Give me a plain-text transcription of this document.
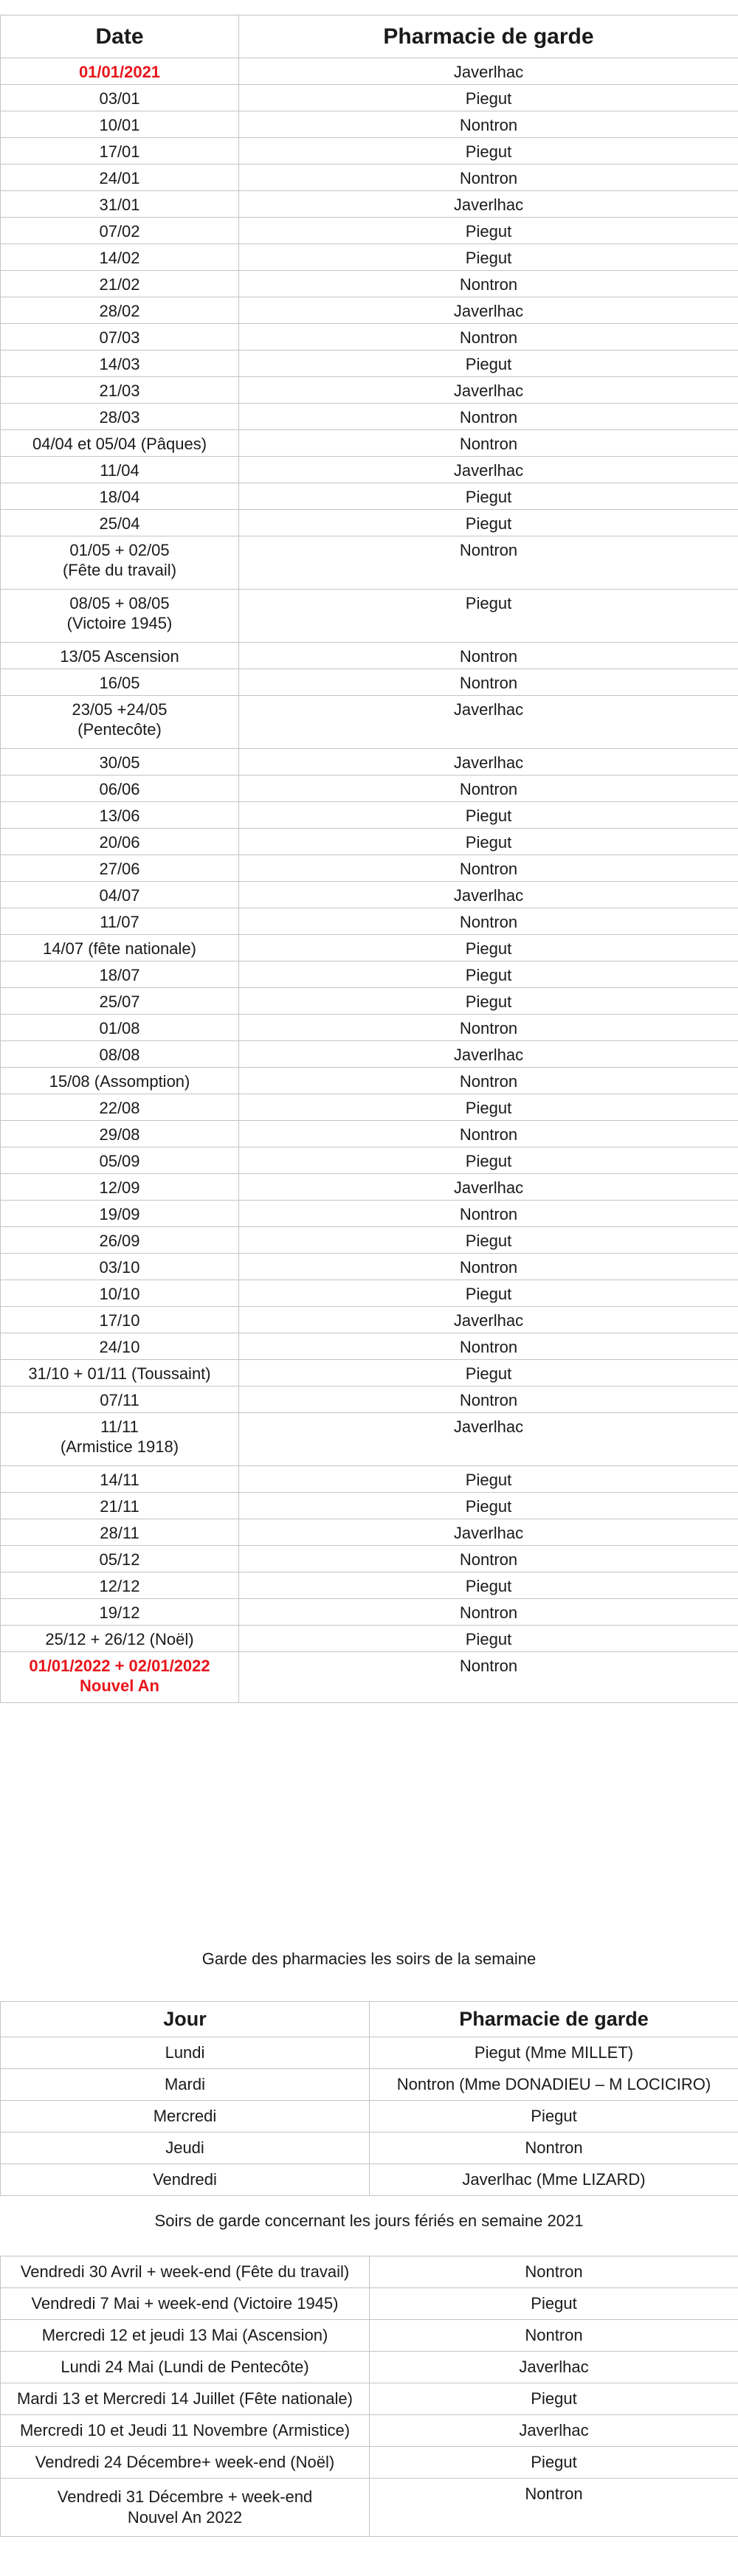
Date	Pharmacie de garde

01/01/2021	Javerlhac

03/01	Piegut

10/01	Nontron

17/01	Piegut

24/01	Nontron

31/01	Javerlhac

07/02	Piegut

14/02	Piegut

21/02	Nontron

28/02	Javerlhac

07/03	Nontron

14/03	Piegut

21/03	Javerlhac

28/03	Nontron

04/04 et 05/04 (Pâques)	Nontron

11/04	Javerlhac

18/04	Piegut

25/04	Piegut

01/05 + 02/05
(Fête du travail)	Nontron

08/05 + 08/05
(Victoire 1945)	Piegut

13/05 Ascension	Nontron

16/05	Nontron

23/05 +24/05
(Pentecôte)	Javerlhac

30/05	Javerlhac

06/06	Nontron

13/06	Piegut

20/06	Piegut

27/06	Nontron

04/07	Javerlhac

11/07	Nontron

14/07 (fête nationale)	Piegut

18/07	Piegut

25/07	Piegut

01/08	Nontron

08/08	Javerlhac

15/08 (Assomption)	Nontron

22/08	Piegut

29/08	Nontron

05/09	Piegut

12/09	Javerlhac

19/09	Nontron

26/09	Piegut

03/10	Nontron

10/10	Piegut

17/10	Javerlhac

24/10	Nontron

31/10 + 01/11 (Toussaint)	Piegut

07/11	Nontron

11/11
(Armistice 1918)	Javerlhac

14/11	Piegut

21/11	Piegut

28/11	Javerlhac

05/12	Nontron

12/12	Piegut

19/12	Nontron

25/12 + 26/12 (Noël)	Piegut

01/01/2022 + 02/01/2022
Nouvel An	Nontron
Garde des pharmacies les soirs de la semaine
Jour	Pharmacie de garde
Lundi	Piegut (Mme MILLET)
Mardi	Nontron (Mme DONADIEU – M LOCICIRO)
Mercredi	Piegut
Jeudi	Nontron
Vendredi	Javerlhac (Mme LIZARD)
Soirs de garde concernant les jours fériés en semaine 2021
Vendredi 30 Avril + week-end (Fête du travail)	Nontron

Vendredi 7 Mai + week-end (Victoire 1945)	Piegut

Mercredi 12 et jeudi 13 Mai (Ascension)	Nontron

Lundi 24 Mai (Lundi de Pentecôte)	Javerlhac

Mardi 13 et Mercredi 14 Juillet (Fête nationale)	Piegut

Mercredi 10 et Jeudi 11 Novembre (Armistice)	Javerlhac

Vendredi 24 Décembre+ week-end (Noël)	Piegut

Vendredi 31 Décembre + week-end
Nouvel An 2022	Nontron
